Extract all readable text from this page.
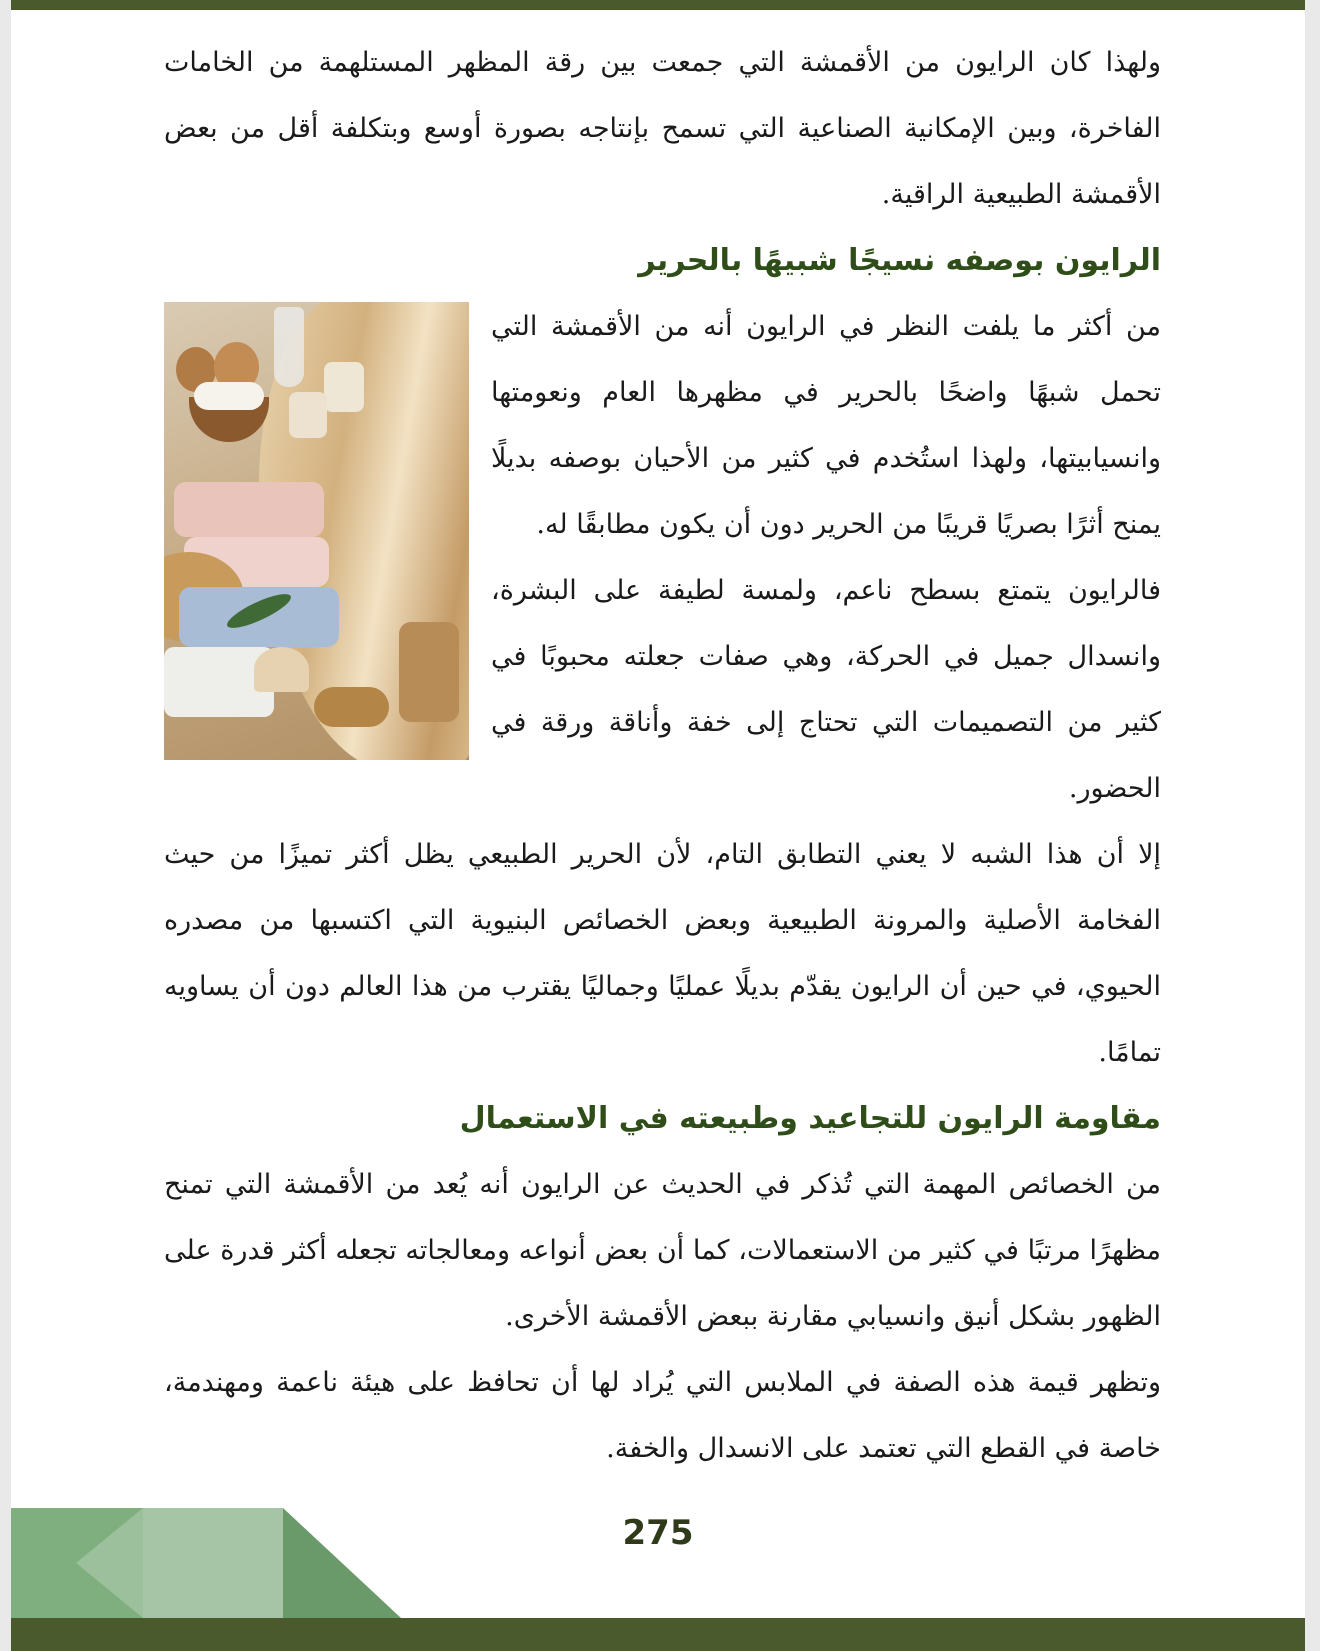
ولهذا كان الرايون من الأقمشة التي جمعت بين رقة المظهر المستلهمة من الخامات الفاخرة، وبين الإمكانية الصناعية التي تسمح بإنتاجه بصورة أوسع وبتكلفة أقل من بعض الأقمشة الطبيعية الراقية.

الرايون بوصفه نسيجًا شبيهًا بالحرير

من أكثر ما يلفت النظر في الرايون أنه من الأقمشة التي تحمل شبهًا واضحًا بالحرير في مظهرها العام ونعومتها وانسيابيتها، ولهذا استُخدم في كثير من الأحيان بوصفه بديلًا يمنح أثرًا بصريًا قريبًا من الحرير دون أن يكون مطابقًا له.

فالرايون يتمتع بسطح ناعم، ولمسة لطيفة على البشرة، وانسدال جميل في الحركة، وهي صفات جعلته محبوبًا في كثير من التصميمات التي تحتاج إلى خفة وأناقة ورقة في الحضور.

إلا أن هذا الشبه لا يعني التطابق التام، لأن الحرير الطبيعي يظل أكثر تميزًا من حيث الفخامة الأصلية والمرونة الطبيعية وبعض الخصائص البنيوية التي اكتسبها من مصدره الحيوي، في حين أن الرايون يقدّم بديلًا عمليًا وجماليًا يقترب من هذا العالم دون أن يساويه تمامًا.

مقاومة الرايون للتجاعيد وطبيعته في الاستعمال

من الخصائص المهمة التي تُذكر في الحديث عن الرايون أنه يُعد من الأقمشة التي تمنح مظهرًا مرتبًا في كثير من الاستعمالات، كما أن بعض أنواعه ومعالجاته تجعله أكثر قدرة على الظهور بشكل أنيق وانسيابي مقارنة ببعض الأقمشة الأخرى.

وتظهر قيمة هذه الصفة في الملابس التي يُراد لها أن تحافظ على هيئة ناعمة ومهندمة، خاصة في القطع التي تعتمد على الانسدال والخفة.

275
